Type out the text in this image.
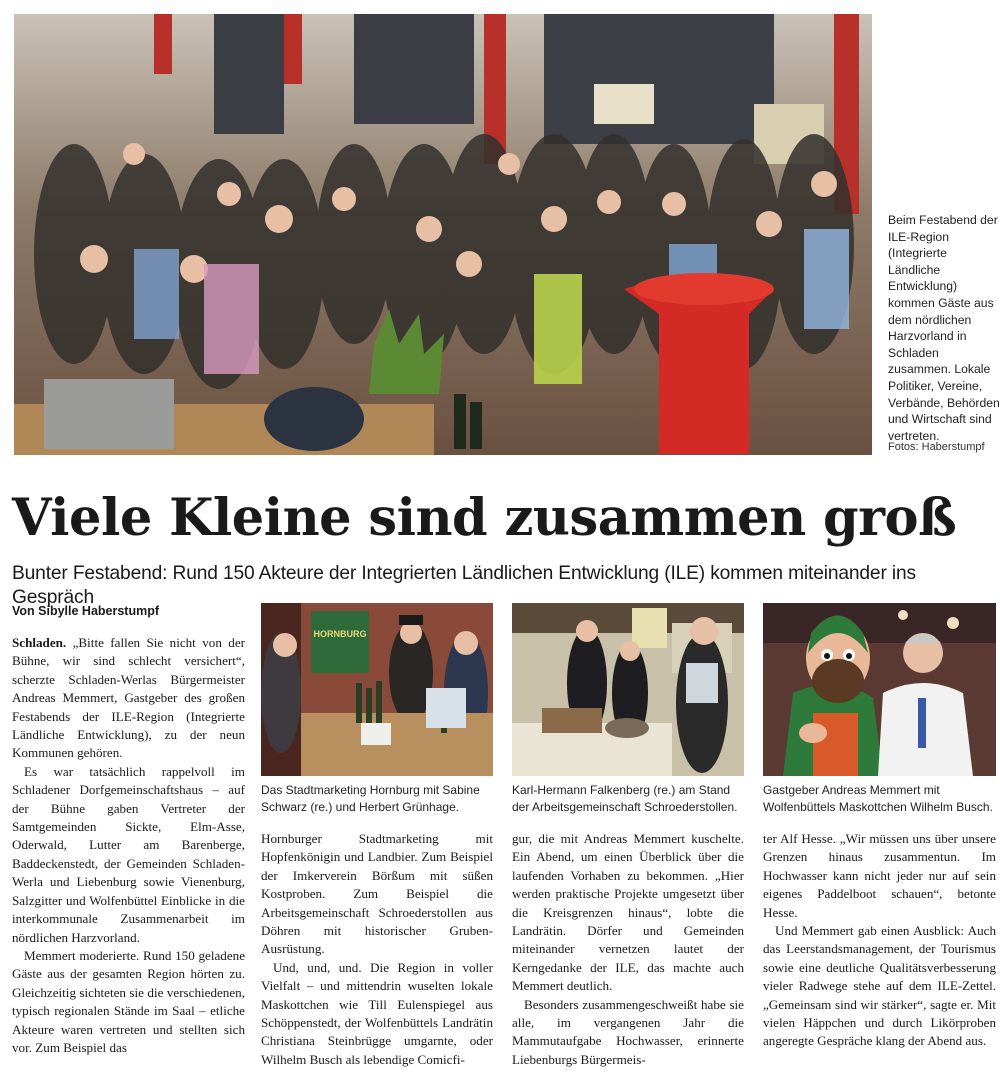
Beim Festabend der ILE-Region (Integrierte Ländliche Entwicklung) kommen Gäste aus dem nördlichen Harzvorland in Schladen zusammen. Lokale Politiker, Vereine, Verbände, Behörden und Wirtschaft sind vertreten.
Fotos: Haberstumpf
Viele Kleine sind zusammen groß
Bunter Festabend: Rund 150 Akteure der Integrierten Ländlichen Entwicklung (ILE) kommen miteinander ins Gespräch
Von Sibylle Haberstumpf

Schladen. „Bitte fallen Sie nicht von der Bühne, wir sind schlecht versichert“, scherzte Schladen-Werlas Bürgermeister Andreas Memmert, Gastgeber des großen Festabends der ILE-Region (Integrierte Ländliche Entwicklung), zu der neun Kommunen gehören.

Es war tatsächlich rappelvoll im Schladener Dorfgemeinschaftshaus – auf der Bühne gaben Vertreter der Samtgemeinden Sickte, Elm-Asse, Oderwald, Lutter am Barenberge, Baddeckenstedt, der Gemeinden Schladen-Werla und Liebenburg sowie Vienenburg, Salzgitter und Wolfenbüttel Einblicke in die interkommunale Zusammenarbeit im nördlichen Harzvorland.

Memmert moderierte. Rund 150 geladene Gäste aus der gesamten Region hörten zu. Gleichzeitig sichteten sie die verschiedenen, typisch regionalen Stände im Saal – etliche Akteure waren vertreten und stellten sich vor. Zum Beispiel das

HORNBURG
Das Stadtmarketing Hornburg mit Sabine Schwarz (re.) und Herbert Grünhage.
Karl-Hermann Falkenberg (re.) am Stand der Arbeitsgemeinschaft Schroederstollen.
Gastgeber Andreas Memmert mit Wolfenbüttels Maskottchen Wilhelm Busch.

Hornburger Stadtmarketing mit Hopfenkönigin und Landbier. Zum Beispiel der Imkerverein Börßum mit süßen Kostproben. Zum Beispiel die Arbeitsgemeinschaft Schroederstollen aus Döhren mit historischer Gruben-Ausrüstung.

Und, und, und. Die Region in voller Vielfalt – und mittendrin wuselten lokale Maskottchen wie Till Eulenspiegel aus Schöppenstedt, der Wolfenbüttels Landrätin Christiana Steinbrügge umgarnte, oder Wilhelm Busch als lebendige Comicfi-

gur, die mit Andreas Memmert kuschelte. Ein Abend, um einen Überblick über die laufenden Vorhaben zu bekommen. „Hier werden praktische Projekte umgesetzt über die Kreisgrenzen hinaus“, lobte die Landrätin. Dörfer und Gemeinden miteinander vernetzen lautet der Kerngedanke der ILE, das machte auch Memmert deutlich.

Besonders zusammengeschweißt habe sie alle, im vergangenen Jahr die Mammutaufgabe Hochwasser, erinnerte Liebenburgs Bürgermeis-

ter Alf Hesse. „Wir müssen uns über unsere Grenzen hinaus zusammentun. Im Hochwasser kann nicht jeder nur auf sein eigenes Paddelboot schauen“, betonte Hesse.

Und Memmert gab einen Ausblick: Auch das Leerstandsmanagement, der Tourismus sowie eine deutliche Qualitätsverbesserung vieler Radwege stehe auf dem ILE-Zettel. „Gemeinsam sind wir stärker“, sagte er. Mit vielen Häppchen und durch Likörproben angeregte Gespräche klang der Abend aus.
